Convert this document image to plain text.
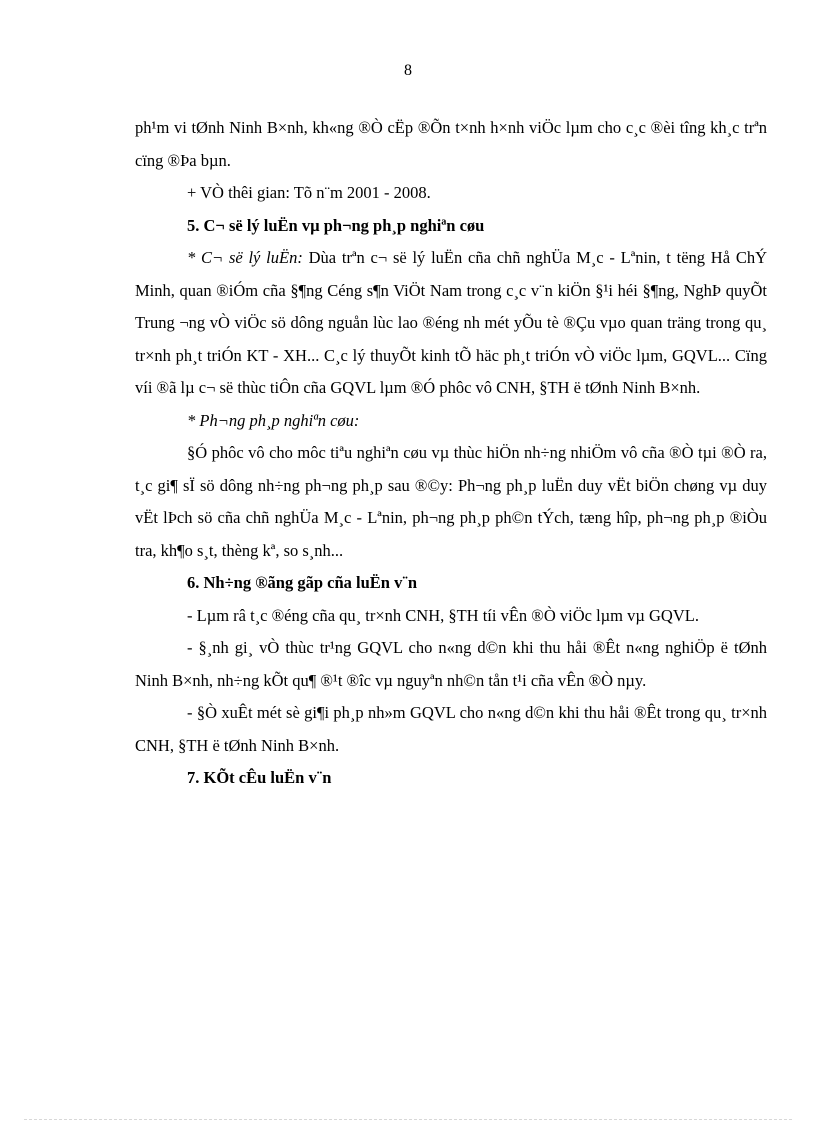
8

ph¹m vi tØnh Ninh B×nh, kh«ng ®Ò cËp ®Õn t×nh h×nh viÖc lµm cho c¸c ®èi tîng kh¸c trªn cïng ®Þa bµn.

+ VÒ thêi gian: Tõ n¨m 2001 - 2008.

5. C¬ së lý luËn vµ ph¬ng ph¸p nghiªn cøu

* C¬ së lý luËn: Dùa trªn c¬ së lý luËn cña chñ nghÜa M¸c - Lªnin, t tëng Hå ChÝ Minh, quan ®iÓm cña §¶ng Céng s¶n ViÖt Nam trong c¸c v¨n kiÖn §¹i héi §¶ng, NghÞ quyÕt Trung ¬ng vÒ viÖc sö dông nguån lùc lao ®éng nh mét yÕu tè ®Çu vµo quan träng trong qu¸ tr×nh ph¸t triÓn KT - XH... C¸c lý thuyÕt kinh tÕ häc ph¸t triÓn vÒ viÖc lµm, GQVL... Cïng víi ®ã lµ c¬ së thùc tiÔn cña GQVL lµm ®Ó phôc vô CNH, §TH ë tØnh Ninh B×nh.

* Ph¬ng ph¸p nghiªn cøu:

§Ó phôc vô cho môc tiªu nghiªn cøu vµ thùc hiÖn nh÷ng nhiÖm vô cña ®Ò tµi ®Ò ra, t¸c gi¶ sÏ sö dông nh÷ng ph¬ng ph¸p sau ®©y: Ph¬ng ph¸p luËn duy vËt biÖn chøng vµ duy vËt lÞch sö cña chñ nghÜa M¸c - Lªnin, ph¬ng ph¸p ph©n tÝch, tæng hîp, ph¬ng ph¸p ®iÒu tra, kh¶o s¸t, thèng kª, so s¸nh...

6. Nh÷ng ®ãng gãp cña luËn v¨n

- Lµm râ t¸c ®éng cña qu¸ tr×nh CNH, §TH tíi vÊn ®Ò viÖc lµm vµ GQVL.

- §¸nh gi¸ vÒ thùc tr¹ng GQVL cho n«ng d©n khi thu håi ®Êt n«ng nghiÖp ë tØnh Ninh B×nh, nh÷ng kÕt qu¶ ®¹t ®îc vµ nguyªn nh©n tån t¹i cña vÊn ®Ò nµy.

- §Ò xuÊt mét sè gi¶i ph¸p nh»m GQVL cho n«ng d©n khi thu håi ®Êt trong qu¸ tr×nh CNH, §TH ë tØnh Ninh B×nh.

7. KÕt cÊu luËn v¨n
